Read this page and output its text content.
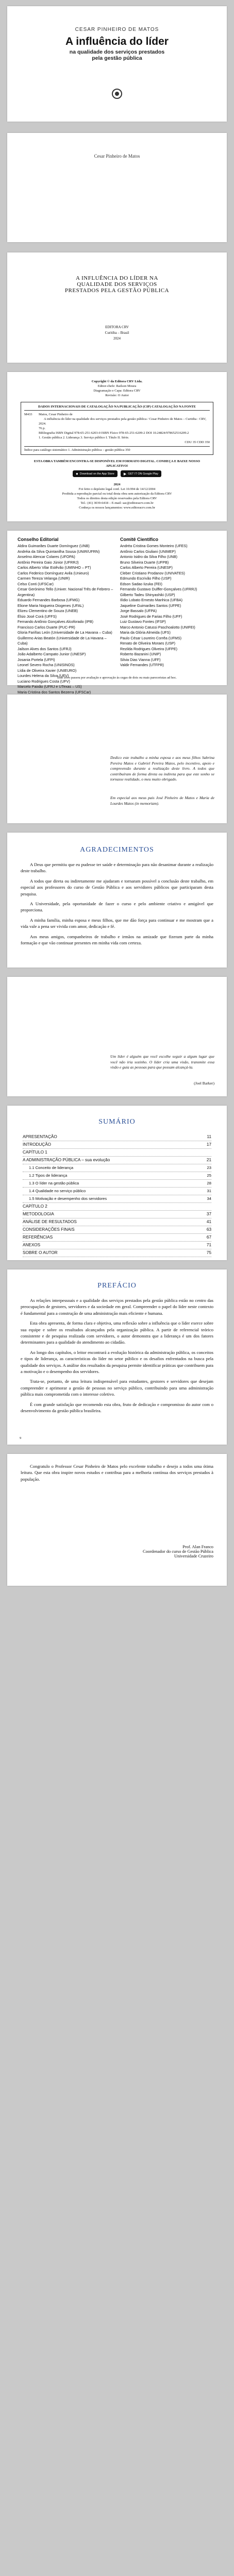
CESAR PINHEIRO DE MATOS
A influência do líder
na qualidade dos serviços prestados
pela gestão pública
Cesar Pinheiro de Matos
A INFLUÊNCIA DO LÍDER NA
QUALIDADE DOS SERVIÇOS
PRESTADOS PELA GESTÃO PÚBLICA
EDITORA CRV
Curitiba – Brasil
2024
Copyright © da Editora CRV Ltda.
Editor-chefe: Railson Moura
Diagramação e Capa: Editora CRV
Revisão: O Autor
DADOS INTERNACIONAIS DE CATALOGAÇÃO NA PUBLICAÇÃO (CIP) CATALOGAÇÃO NA FONTE
M433	Matos, Cesar Pinheiro de
A influência do líder na qualidade dos serviços prestados pela gestão pública / Cesar Pinheiro de Matos – Curitiba : CRV, 2024.
76 p.
Bibliografia ISBN Digital 978-65-251-6203-0 ISBN Físico 978-65-251-6209-2 DOI 10.24824/978652516209.2
1. Gestão pública 2. Liderança 3. Serviço público I. Título II. Série.
CDU 35 CDD 350
Índice para catálogo sistemático 1. Administração pública – gestão pública 350
ESTA OBRA TAMBÉM ENCONTRA-SE DISPONÍVEL EM FORMATO DIGITAL. CONHEÇA E BAIXE NOSSO APLICATIVO!
● Download on the App Store	▶ GET IT ON Google Play
2024
Foi feito o depósito legal conf. Lei 10.994 de 14/12/2004
Proibida a reprodução parcial ou total desta obra sem autorização da Editora CRV
Todos os direitos desta edição reservados pela Editora CRV
Tel.: (41) 3039-6418 – E-mail: sac@editoracrv.com.br
Conheça os nossos lançamentos: www.editoracrv.com.br
Conselho Editorial
Aldira Guimarães Duarte Domínguez (UNB)
Andréia da Silva Quintanilha Sousa (UNIR/UFRN)
Anselmo Alencar Colares (UFOPA)
Antônio Pereira Gaio Júnior (UFRRJ)
Carlos Alberto Vilar Estêvão (UMINHO – PT)
Carlos Federico Domínguez Avila (Unieuro)
Carmen Tereza Velanga (UNIR)
Celso Conti (UFSCar)
Cesar Gerónimo Tello (Univer. Nacional Três de Febrero – Argentina)
Eduardo Fernandes Barbosa (UFMG)
Elione Maria Nogueira Diogenes (UFAL)
Elizeu Clementino de Souza (UNEB)
Élsio José Corá (UFFS)
Fernando Antônio Gonçalves Alcoforado (IPB)
Francisco Carlos Duarte (PUC-PR)
Gloria Fariñas León (Universidade de La Havana – Cuba)
Guillermo Arias Beatón (Universidade de La Havana – Cuba)
Jailson Alves dos Santos (UFRJ)
João Adalberto Campato Junior (UNESP)
Josania Portela (UFPI)
Leonel Severo Rocha (UNISINOS)
Lídia de Oliveira Xavier (UNIEURO)
Lourdes Helena da Silva (UFV)
Luciano Rodrigues Costa (UFV)
Marcelo Paixão (UFRJ e UTexas – US)
Maria Cristina dos Santos Bezerra (UFSCar)
Comitê Científico
Andréa Cristina Gomes Monteiro (UFES)
Antônio Carlos Giuliani (UNIMEP)
Antonio Isidro da Silva Filho (UNB)
Bruno Silveira Duarte (UFPB)
Carlos Alberto Pereira (UNESP)
Cleber Cristiano Prodanov (UNIVATES)
Edmundo Escrivão Filho (USP)
Edson Sadao Iizuka (FEI)
Fernando Gustavo Dulffer-Gonçalves (UFRRJ)
Gilberto Tadeu Shinyashiki (USP)
Ilídio Lobato Ernesto Manhica (UFBA)
Jaqueline Guimarães Santos (UFPE)
Jorge Bassalo (UFPA)
José Rodrigues de Farias Filho (UFF)
Luiz Gustavo Fontes (IFSP)
Marco Antonio Catussi Paschoalotto (UNIFEI)
Maria da Glória Almeida (UFS)
Paulo César Loureiro Corrêa (UFMS)
Renato de Oliveira Moraes (USP)
Rezilda Rodrigues Oliveira (UFPE)
Roberto Bazanini (UNIP)
Silvia Dias Vianna (UFF)
Valdir Fernandes (UTFPR)
Este livro passou por avaliação e aprovação às cegas de dois ou mais pareceristas ad hoc.
Dedico este trabalho a minha esposa e aos meus filhos Sabrina Pereira Matos e Gabriel Pereira Matos, pelo incentivo, apoio e compreensão durante a realização deste livro. A todos que contribuíram de forma direta ou indireta para que este sonho se tornasse realidade, o meu muito obrigado.
Em especial aos meus pais José Pinheiro de Matos e Maria de Lourdes Matos (in memoriam).
AGRADECIMENTOS

A Deus que permitiu que eu pudesse ter saúde e determinação para não desanimar durante a realização deste trabalho.

A todos que direta ou indiretamente me ajudaram e tornaram possível a conclusão deste trabalho, em especial aos professores do curso de Gestão Pública e aos servidores públicos que participaram desta pesquisa.

A Universidade, pela oportunidade de fazer o curso e pelo ambiente criativo e amigável que proporciona.

A minha família, minha esposa e meus filhos, que me dão força para continuar e me mostram que a vida vale a pena ser vivida com amor, dedicação e fé.

Aos meus amigos, companheiros de trabalho e irmãos na amizade que fizeram parte da minha formação e que vão continuar presentes em minha vida com certeza.

Um líder é alguém que você escolhe seguir a algum lugar que você não iria sozinho. O líder cria uma visão, transmite essa visão e guia as pessoas para que possam alcançá-la.
(Joel Barker)
SUMÁRIO
APRESENTAÇÃO	11
INTRODUÇÃO	17
CAPÍTULO 1
A ADMINISTRAÇÃO PÚBLICA – sua evolução	21
1.1 Conceito de liderança	23
1.2 Tipos de liderança	25
1.3 O líder na gestão pública	28
1.4 Qualidade no serviço público	31
1.5 Motivação e desempenho dos servidores	34
CAPÍTULO 2
METODOLOGIA	37
ANÁLISE DE RESULTADOS	41
CONSIDERAÇÕES FINAIS	63
REFERÊNCIAS	67
ANEXOS	71
SOBRE O AUTOR	75
PREFÁCIO

As relações interpessoais e a qualidade dos serviços prestados pela gestão pública estão no centro das preocupações de gestores, servidores e da sociedade em geral. Compreender o papel do líder neste contexto é fundamental para a construção de uma administração mais eficiente e humana.

Esta obra apresenta, de forma clara e objetiva, uma reflexão sobre a influência que o líder exerce sobre sua equipe e sobre os resultados alcançados pela organização pública. A partir de referencial teórico consistente e de pesquisa realizada com servidores, o autor demonstra que a liderança é um dos fatores determinantes para a qualidade do atendimento ao cidadão.

Ao longo dos capítulos, o leitor encontrará a evolução histórica da administração pública, os conceitos e tipos de liderança, as características do líder no setor público e os desafios enfrentados na busca pela qualidade dos serviços. A análise dos resultados da pesquisa permite identificar práticas que contribuem para a motivação e o desempenho dos servidores.

Trata-se, portanto, de uma leitura indispensável para estudantes, gestores e servidores que desejam compreender e aprimorar a gestão de pessoas no serviço público, contribuindo para uma administração pública mais comprometida com o interesse coletivo.

É com grande satisfação que recomendo esta obra, fruto de dedicação e compromisso do autor com o desenvolvimento da gestão pública brasileira.

9

Congratulo o Professor Cesar Pinheiro de Matos pelo excelente trabalho e desejo a todos uma ótima leitura. Que esta obra inspire novos estudos e contribua para a melhoria contínua dos serviços prestados à população.

Prof. Alan Franco
Coordenador do curso de Gestão Pública
Universidade Cruzeiro
